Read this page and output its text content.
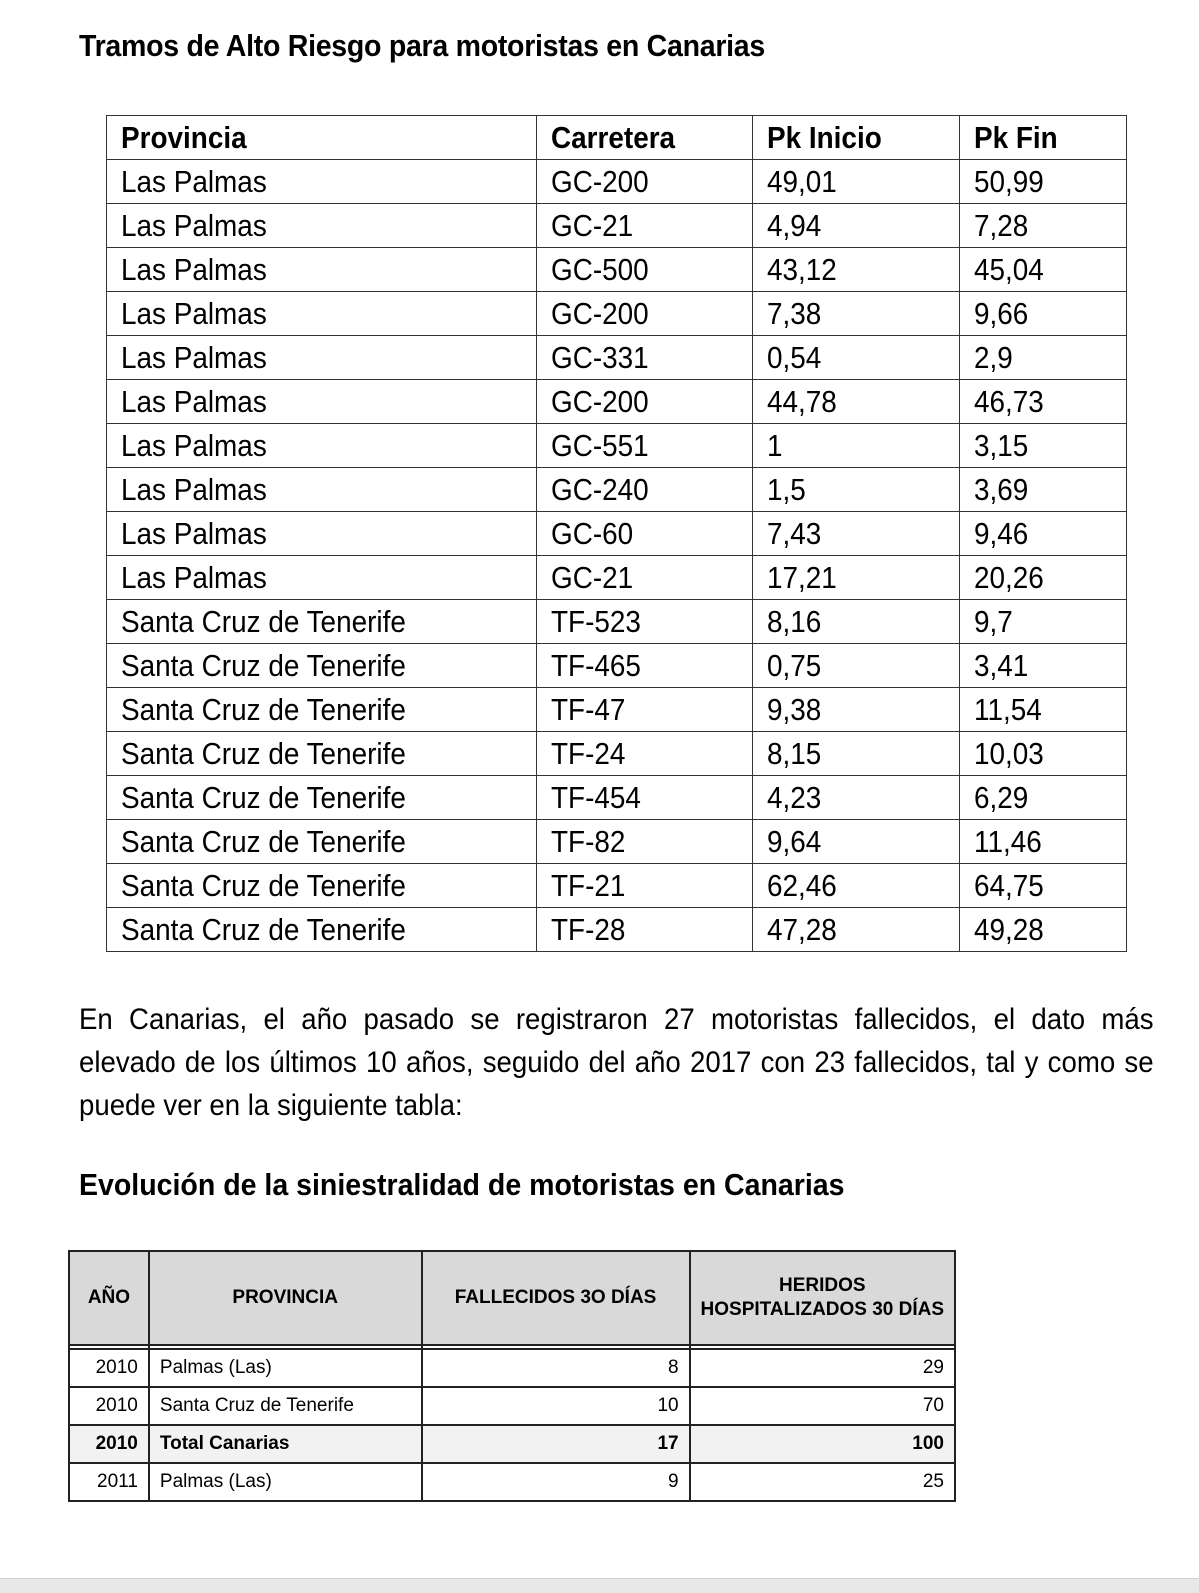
Tramos de Alto Riesgo para motoristas en Canarias
Provincia	Carretera	Pk Inicio	Pk Fin
Las Palmas	GC-200	49,01	50,99
Las Palmas	GC-21	4,94	7,28
Las Palmas	GC-500	43,12	45,04
Las Palmas	GC-200	7,38	9,66
Las Palmas	GC-331	0,54	2,9
Las Palmas	GC-200	44,78	46,73
Las Palmas	GC-551	1	3,15
Las Palmas	GC-240	1,5	3,69
Las Palmas	GC-60	7,43	9,46
Las Palmas	GC-21	17,21	20,26
Santa Cruz de Tenerife	TF-523	8,16	9,7
Santa Cruz de Tenerife	TF-465	0,75	3,41
Santa Cruz de Tenerife	TF-47	9,38	11,54
Santa Cruz de Tenerife	TF-24	8,15	10,03
Santa Cruz de Tenerife	TF-454	4,23	6,29
Santa Cruz de Tenerife	TF-82	9,64	11,46
Santa Cruz de Tenerife	TF-21	62,46	64,75
Santa Cruz de Tenerife	TF-28	47,28	49,28
En Canarias, el año pasado se registraron 27 motoristas fallecidos, el dato más elevado de los últimos 10 años, seguido del año 2017 con 23 fallecidos, tal y como se puede ver en la siguiente tabla:
Evolución de la siniestralidad de motoristas en Canarias
AÑO	PROVINCIA	FALLECIDOS 3O DÍAS	HERIDOS HOSPITALIZADOS 30 DÍAS

2010	Palmas (Las)	8	29
2010	Santa Cruz de Tenerife	10	70
2010	Total Canarias	17	100
2011	Palmas (Las)	9	25
